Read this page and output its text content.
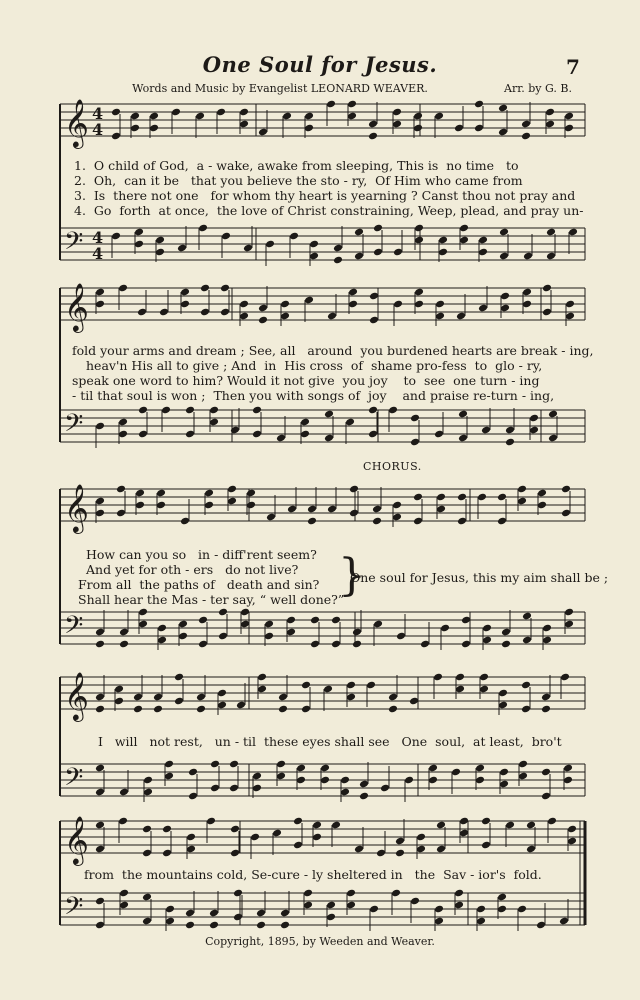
One Soul for Jesus.	7
Words and Music by Evangelist LEONARD WEAVER.	Arr. by G. B.
𝄞
𝄢
4
4
4
4
𝄞
𝄢
𝄞
𝄢
𝄞
𝄢
𝄞
𝄢
}
1.  O child of God,  a - wake, awake from sleeping, This is  no time   to
2.  Oh,  can it be   that you believe the sto - ry,  Of Him who came from
3.  Is  there not one   for whom thy heart is yearning ? Canst thou not pray and
4.  Go  forth  at once,  the love of Christ constraining, Weep, plead, and pray un-
fold your arms and dream ; See, all   around  you burdened hearts are break - ing,
heav'n His all to give ; And  in  His cross  of  shame pro-fess  to  glo - ry,
speak one word to him? Would it not give  you joy    to  see  one turn - ing
- til that soul is won ;  Then you with songs of  joy    and praise re-turn - ing,
CHORUS.
How can you so   in - diff'rent seem?
And yet for oth - ers   do not live?
From all  the paths of   death and sin?
Shall hear the Mas - ter say, “ well done?”
One soul for Jesus, this my aim shall be ;
I   will   not rest,   un - til  these eyes shall see   One  soul,  at least,  bro't
from  the mountains cold, Se-cure - ly sheltered in   the  Sav - ior's  fold.
Copyright, 1895, by Weeden and Weaver.
